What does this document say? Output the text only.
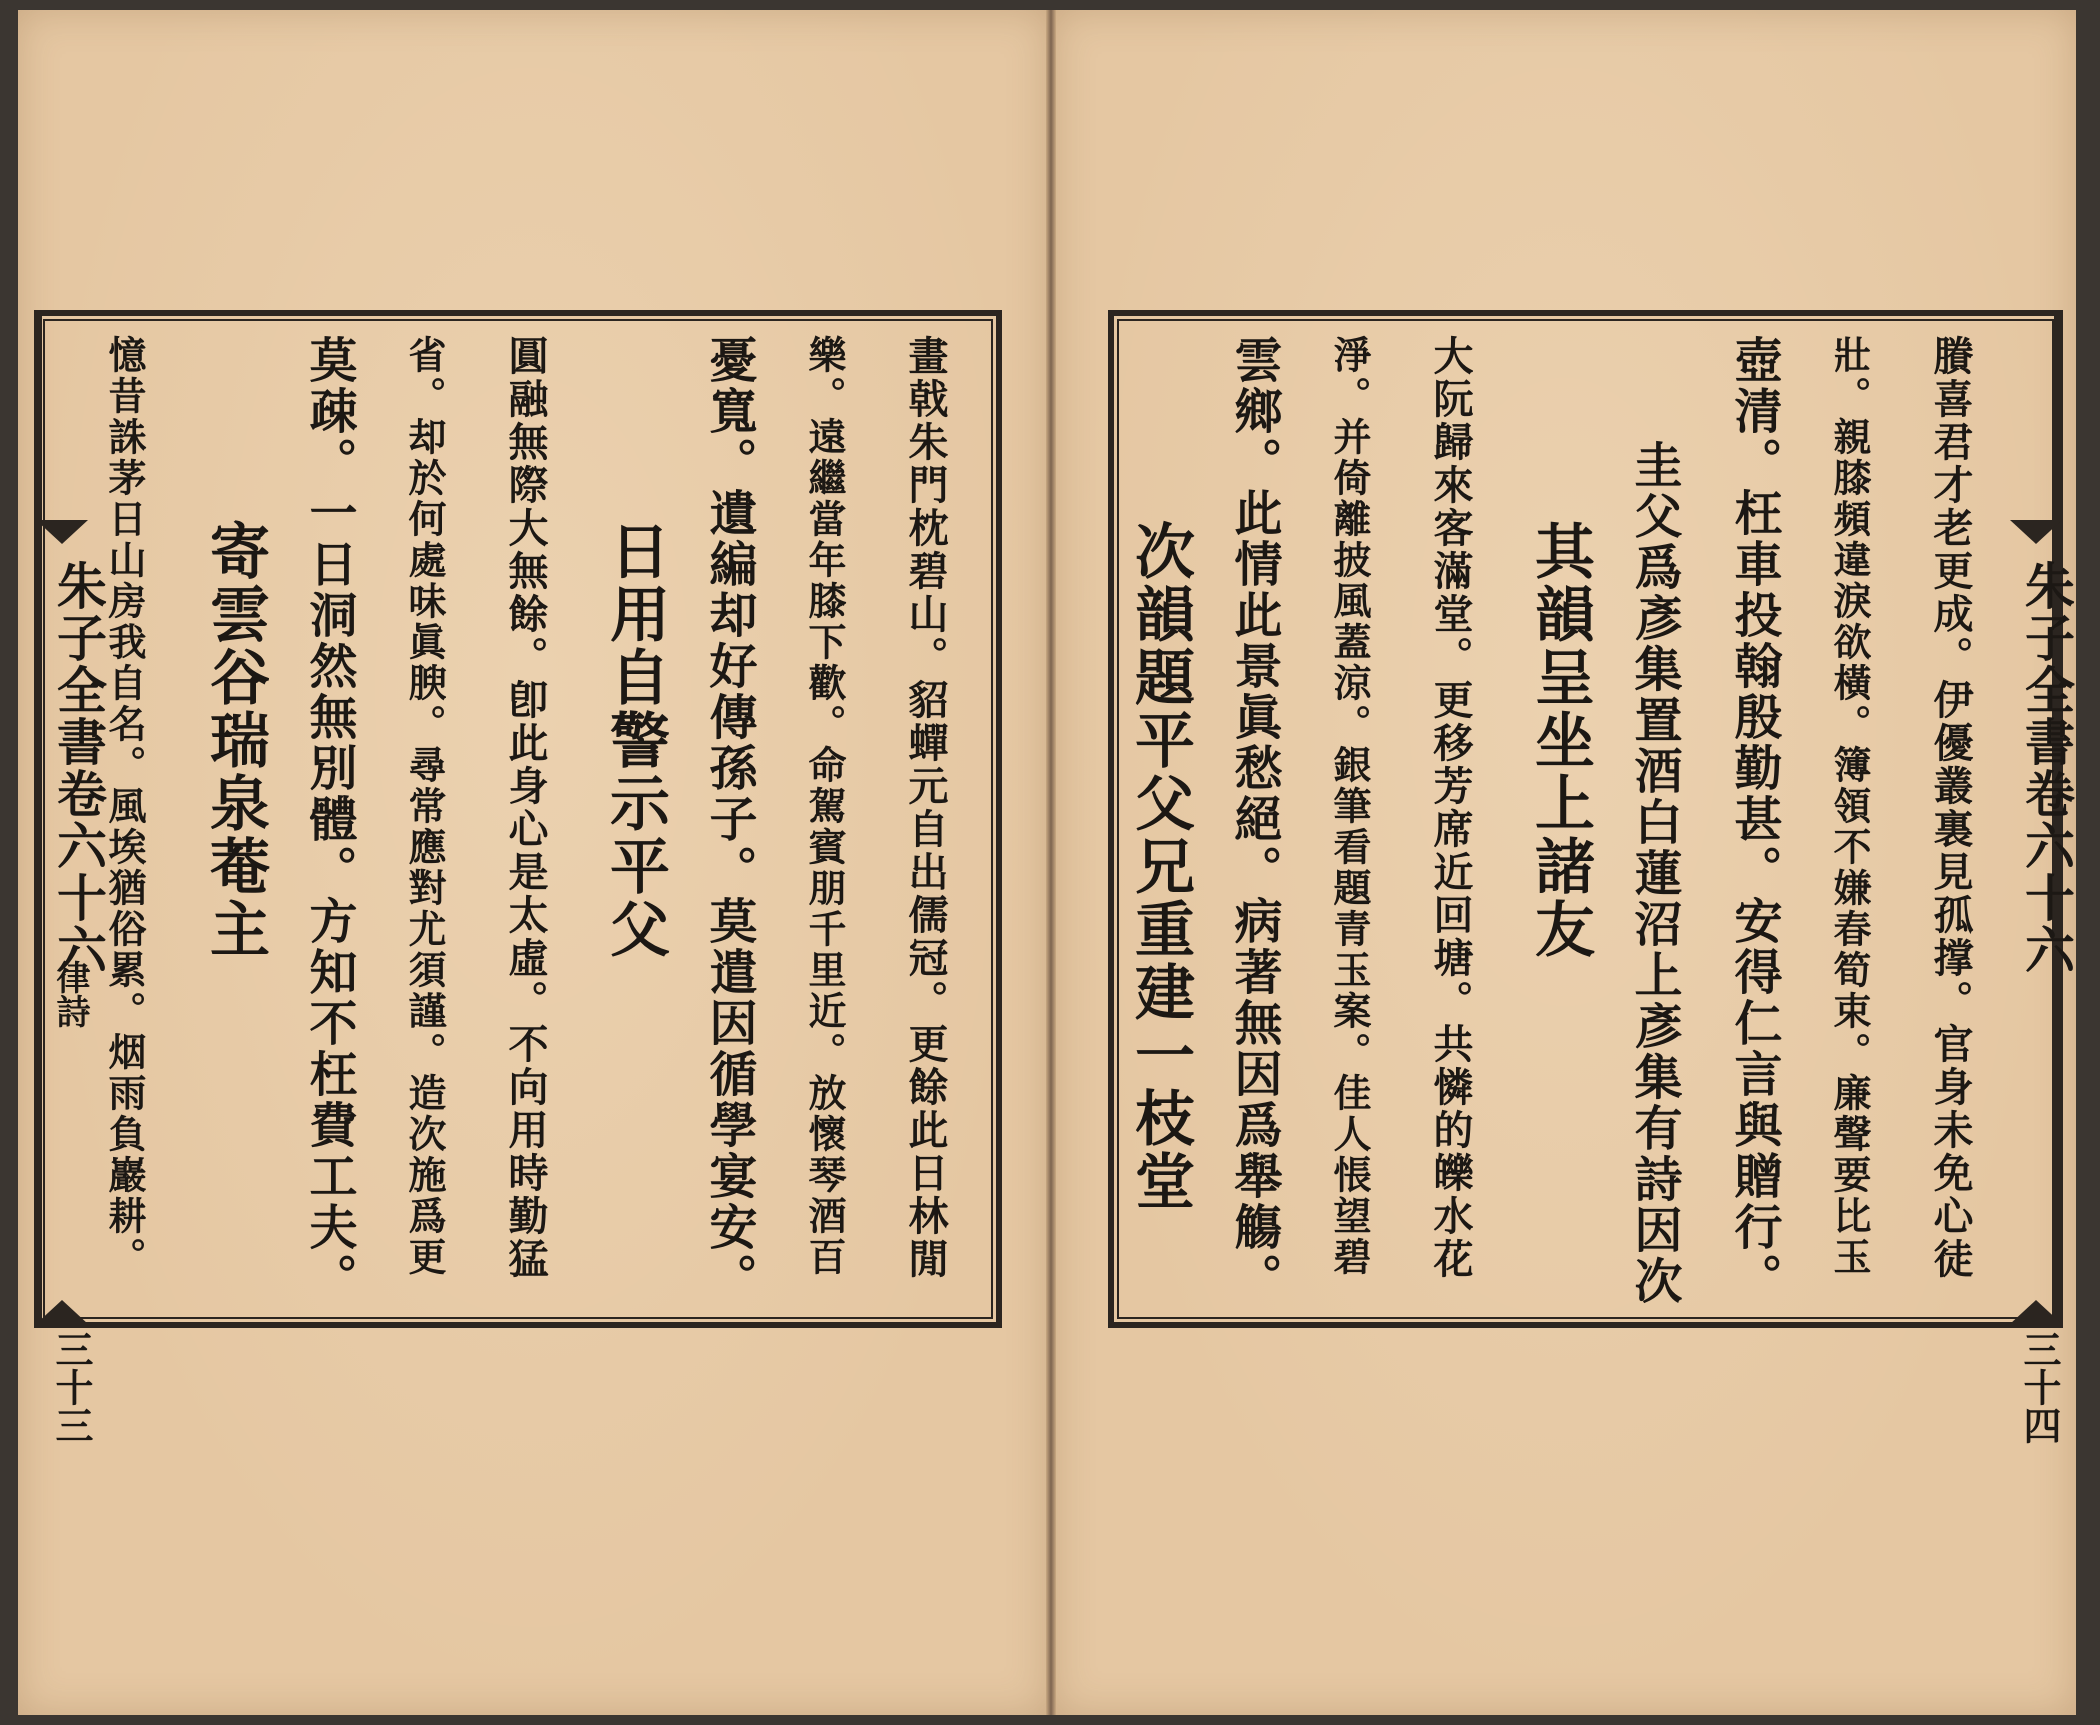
朱子全書卷六十六
律詩
三十三
朱子全書卷六十六
三十四
畫戟朱門枕碧山。貂蟬元自出儒冠。更餘此日林閒
樂。遠繼當年膝下歡。命駕賓朋千里近。放懷琴酒百
憂寬。遺編却好傳孫子。莫遣因循學宴安。
日用自警示平父
圓融無際大無餘。卽此身心是太虛。不向用時勤猛
省。却於何處味眞腴。尋常應對尤須謹。造次施爲更
莫疎。一日洞然無別體。方知不枉費工夫。
寄雲谷瑞泉菴主
憶昔誅茅日山房我自名。風埃猶俗累。烟雨負巖耕。	賸喜君才老更成。伊優叢裏見孤撑。官身未免心徒
壯。親膝頻違淚欲橫。簿領不嫌春筍束。廉聲要比玉
壺清。枉車投翰殷勤甚。安得仁言與贈行。
圭父爲彥集置酒白蓮沼上彥集有詩因次
其韻呈坐上諸友
大阮歸來客滿堂。更移芳席近回塘。共憐的皪水花
淨。并倚離披風蓋涼。銀筆看題青玉案。佳人悵望碧
雲鄉。此情此景眞愁絕。病著無因爲舉觴。
次韻題平父兄重建一枝堂
